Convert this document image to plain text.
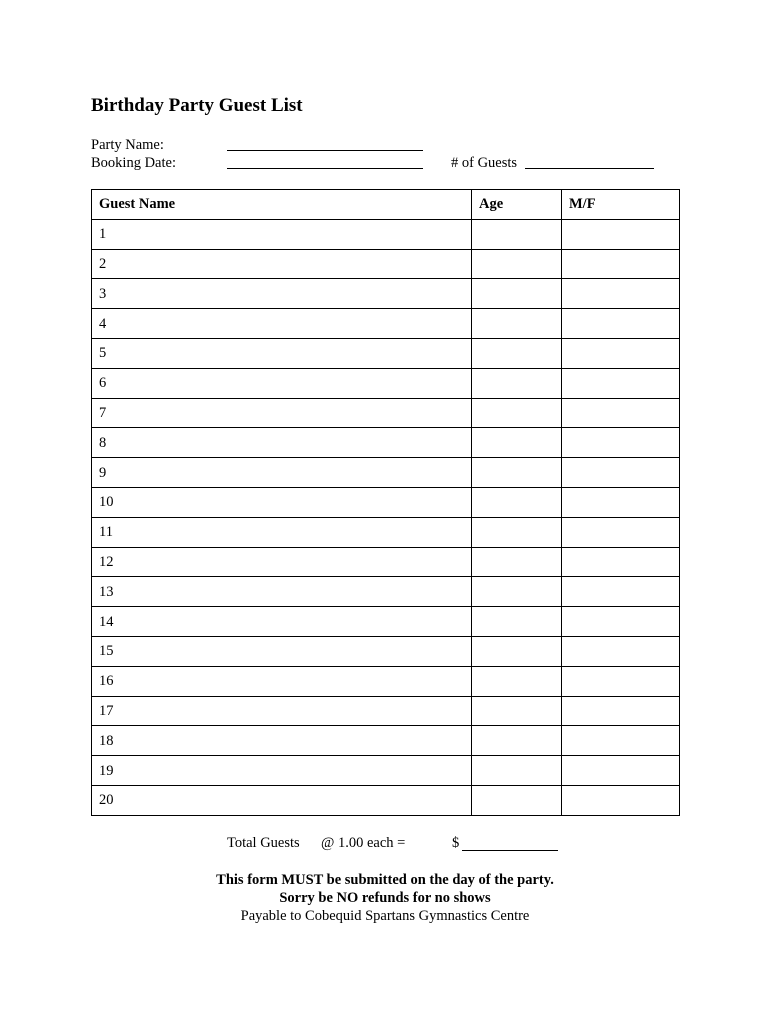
Birthday Party Guest List
Party Name:
Booking Date:	# of Guests
Guest Name	Age	M/F
1		
2		
3		
4		
5		
6		
7		
8		
9		
10		
11		
12		
13		
14		
15		
16		
17		
18		
19		
20		
Total Guests @ 1.00 each =	$
This form MUST be submitted on the day of the party.
Sorry be NO refunds for no shows
Payable to Cobequid Spartans Gymnastics Centre
